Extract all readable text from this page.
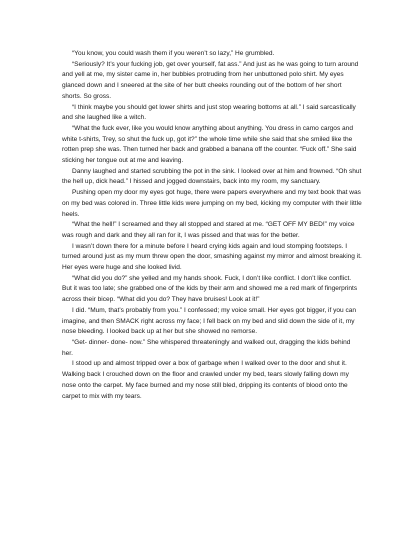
“You know, you could wash them if you weren’t so lazy,” He grumbled.

“Seriously? It’s your fucking job, get over yourself, fat ass.” And just as he was going to turn around and yell at me, my sister came in, her bubbies protruding from her unbuttoned polo shirt. My eyes glanced down and I sneered at the site of her butt cheeks rounding out of the bottom of her short shorts. So gross.

“I think maybe you should get lower shirts and just stop wearing bottoms at all.” I said sarcastically and she laughed like a witch.

“What the fuck ever, like you would know anything about anything. You dress in camo cargos and white t-shirts, Trey, so shut the fuck up, got it?” the whole time while she said that she smiled like the rotten prep she was. Then turned her back and grabbed a banana off the counter. “Fuck off.” She said sticking her tongue out at me and leaving.

Danny laughed and started scrubbing the pot in the sink. I looked over at him and frowned. “Oh shut the hell up, dick head.” I hissed and jogged downstairs, back into my room, my sanctuary.

Pushing open my door my eyes got huge, there were papers everywhere and my text book that was on my bed was colored in. Three little kids were jumping on my bed, kicking my computer with their little heels.

“What the hell!” I screamed and they all stopped and stared at me. “GET OFF MY BED!” my voice was rough and dark and they all ran for it, I was pissed and that was for the better.

I wasn’t down there for a minute before I heard crying kids again and loud stomping footsteps. I turned around just as my mum threw open the door, smashing against my mirror and almost breaking it. Her eyes were huge and she looked livid.

“What did you do?” she yelled and my hands shook. Fuck, I don’t like conflict. I don’t like conflict. But it was too late; she grabbed one of the kids by their arm and showed me a red mark of fingerprints across their bicep. “What did you do? They have bruises! Look at it!”

I did. “Mum, that’s probably from you.” I confessed; my voice small. Her eyes got bigger, if you can imagine, and then SMACK right across my face; I fell back on my bed and slid down the side of it, my nose bleeding. I looked back up at her but she showed no remorse.

“Get- dinner- done- now.” She whispered threateningly and walked out, dragging the kids behind her.

I stood up and almost tripped over a box of garbage when I walked over to the door and shut it. Walking back I crouched down on the floor and crawled under my bed, tears slowly falling down my nose onto the carpet. My face burned and my nose still bled, dripping its contents of blood onto the carpet to mix with my tears.
